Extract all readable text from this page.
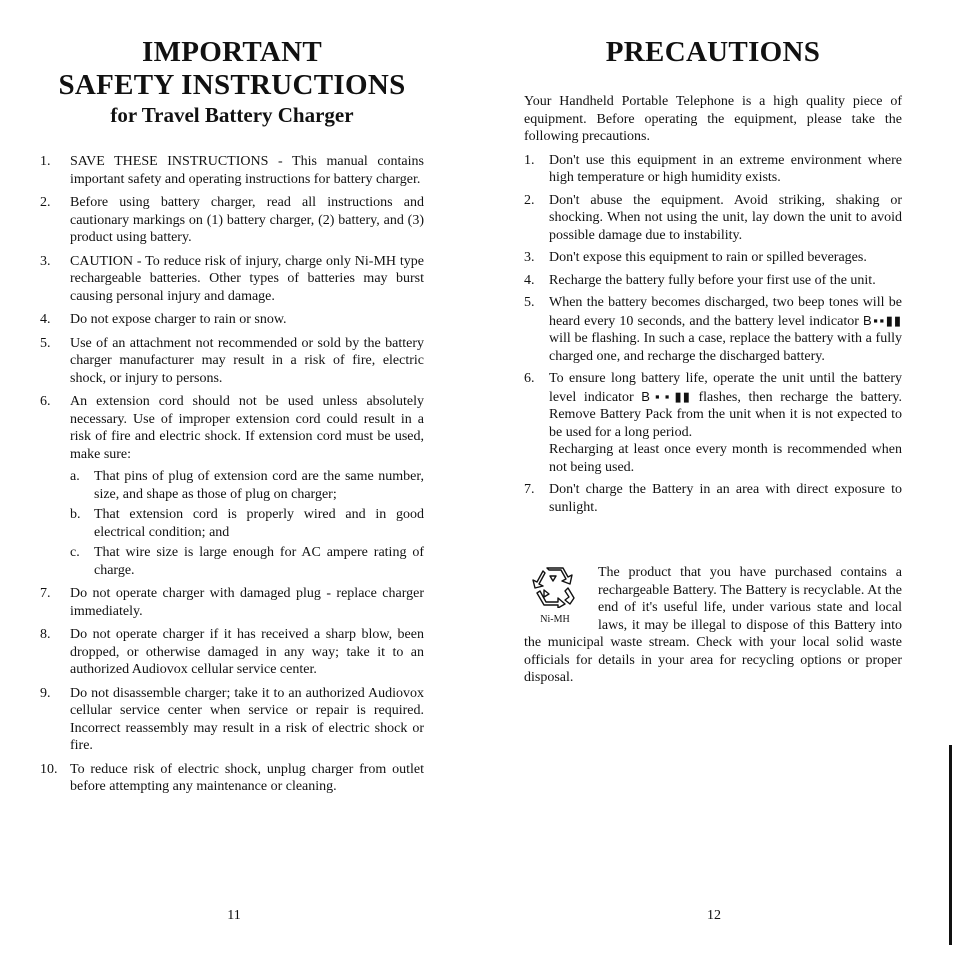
IMPORTANT
SAFETY INSTRUCTIONS
for Travel Battery Charger
1.	SAVE THESE INSTRUCTIONS - This manual contains important safety and operating instructions for battery charger.
2.	Before using battery charger, read all instructions and cautionary markings on (1) battery charger, (2) battery, and (3) product using battery.
3.	CAUTION - To reduce risk of injury, charge only Ni-MH type rechargeable batteries. Other types of batteries may burst causing personal injury and damage.
4.	Do not expose charger to rain or snow.
5.	Use of an attachment not recommended or sold by the battery charger manufacturer may result in a risk of fire, electric shock, or injury to persons.
6.	An extension cord should not be used unless absolutely necessary. Use of improper extension cord could result in a risk of fire and electric shock. If extension cord must be used, make sure:
a. That pins of plug of extension cord are the same number, size, and shape as those of plug on charger;
b. That extension cord is properly wired and in good electrical condition; and
c. That wire size is large enough for AC ampere rating of charge.
7.	Do not operate charger with damaged plug - replace charger immediately.
8.	Do not operate charger if it has received a sharp blow, been dropped, or otherwise damaged in any way; take it to an authorized Audiovox cellular service center.
9.	Do not disassemble charger; take it to an authorized Audiovox cellular service center when service or repair is required. Incorrect reassembly may result in a risk of electric shock or fire.
10. To reduce risk of electric shock, unplug charger from outlet before attempting any maintenance or cleaning.
11
PRECAUTIONS

Your Handheld Portable Telephone is a high quality piece of equipment. Before operating the equipment, please take the following precautions.

1.	Don't use this equipment in an extreme environment where high temperature or high humidity exists.
2.	Don't abuse the equipment. Avoid striking, shaking or shocking. When not using the unit, lay down the unit to avoid possible damage due to instability.
3.	Don't expose this equipment to rain or spilled beverages.
4.	Recharge the battery fully before your first use of the unit.
5.	When the battery becomes discharged, two beep tones will be heard every 10 seconds, and the battery level indicator B▪▪▮▮ will be flashing. In such a case, replace the battery with a fully charged one, and recharge the discharged battery.
6.	To ensure long battery life, operate the unit until the battery level indicator B▪▪▮▮ flashes, then recharge the battery. Remove Battery Pack from the unit when it is not expected to be used for a long period.
Recharging at least once every month is recommended when not being used.
7.	Don't charge the Battery in an area with direct exposure to sunlight.
Ni-MH

The product that you have purchased contains a rechargeable Battery. The Battery is recyclable. At the end of it's useful life, under various state and local laws, it may be illegal to dispose of this Battery into the municipal waste stream. Check with your local solid waste officials for details in your area for recycling options or proper disposal.

12
